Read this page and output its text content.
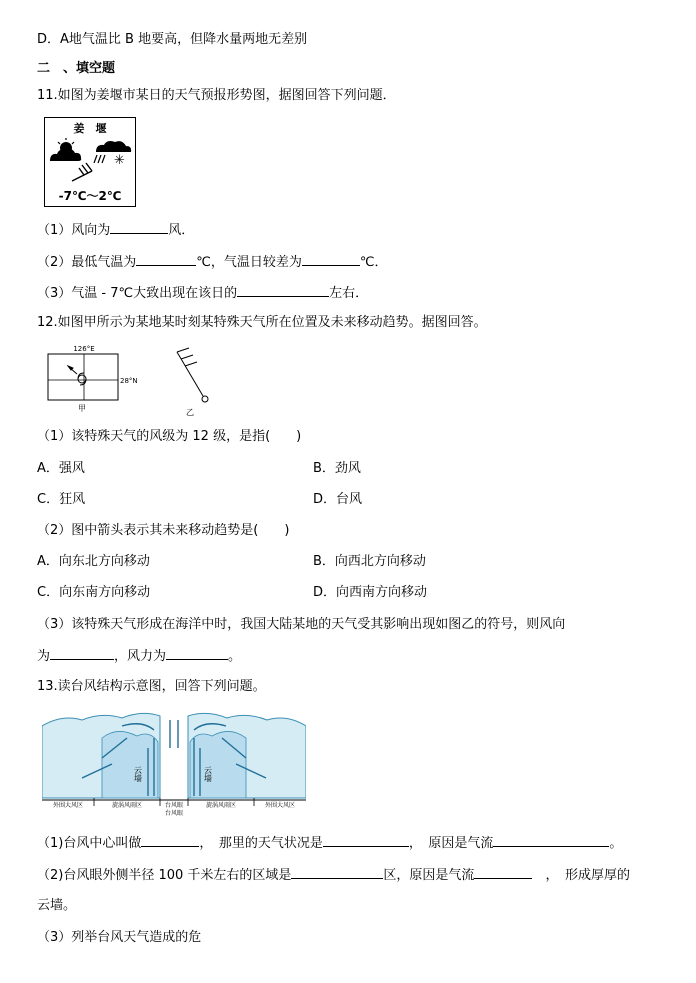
D．A地气温比 B 地要高，但降水量两地无差别
二　、填空题
11.如图为姜堰市某日的天气预报形势图，据图回答下列问题．
姜　堰
✳
-7℃～2℃
（1）风向为	风．
（2）最低气温为	℃，气温日较差为	℃．
（3）气温 - 7℃大致出现在该日的	左右．
12.如图甲所示为某地某时刻某特殊天气所在位置及未来移动趋势。据图回答。
126°E
28°N
甲	乙
（1）该特殊天气的风级为 12 级，是指(　　)
A．强风	B．劲风
C．狂风	D．台风
（2）图中箭头表示其未来移动趋势是(　　)
A．向东北方向移动	B．向西北方向移动
C．向东南方向移动	D．向西南方向移动
（3）该特殊天气形成在海洋中时，我国大陆某地的天气受其影响出现如图乙的符号，则风向
为	，风力为	。
13.读台风结构示意图，回答下列问题。
云墙	云墙
外围大风区	旋涡风雨区	台风眼	旋涡风雨区	外围大风区
台风眼
（1)台风中心叫做	，　那里的天气状况是	，　原因是气流	。
（2)台风眼外侧半径 100 千米左右的区域是	区，原因是气流	　，　形成厚厚的
云墙。
（3）列举台风天气造成的危
